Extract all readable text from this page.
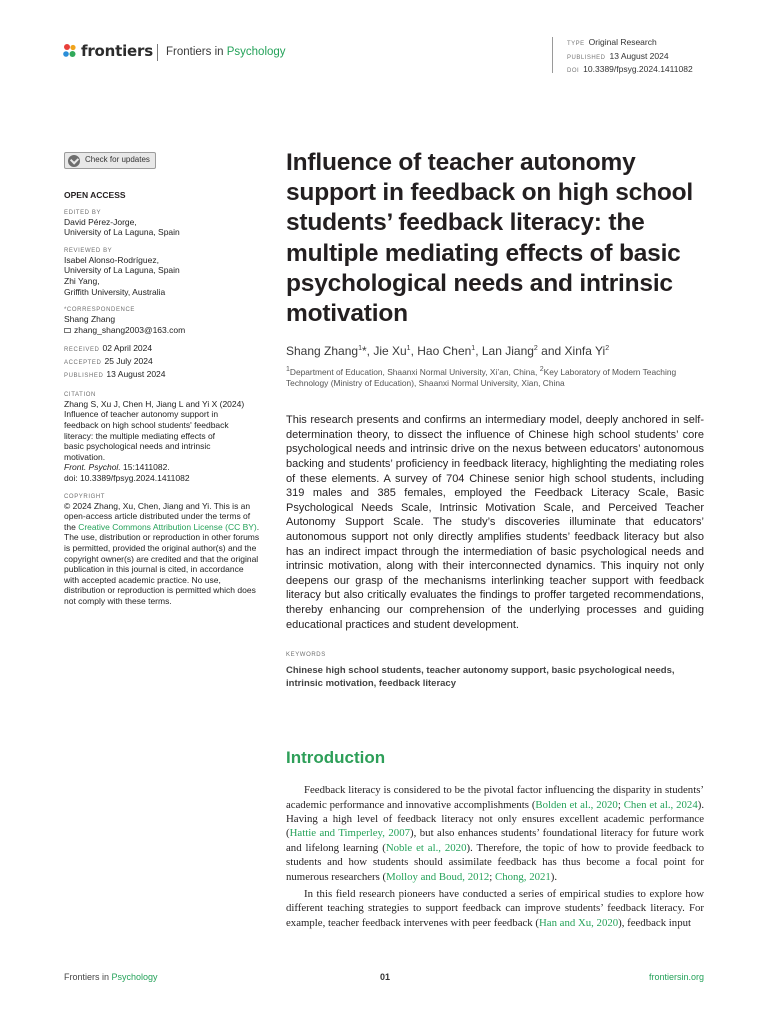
frontiers Frontiers in Psychology
TYPE Original Research
PUBLISHED 13 August 2024
DOI 10.3389/fpsyg.2024.1411082
Check for updates
OPEN ACCESS
EDITED BY
David Pérez-Jorge,
University of La Laguna, Spain
REVIEWED BY
Isabel Alonso-Rodríguez,
University of La Laguna, Spain
Zhi Yang,
Griffith University, Australia
*CORRESPONDENCE
Shang Zhang
zhang_shang2003@163.com
RECEIVED 02 April 2024
ACCEPTED 25 July 2024
PUBLISHED 13 August 2024
CITATION
Zhang S, Xu J, Chen H, Jiang L and Yi X (2024)
Influence of teacher autonomy support in
feedback on high school students' feedback
literacy: the multiple mediating effects of
basic psychological needs and intrinsic
motivation.
Front. Psychol. 15:1411082.
doi: 10.3389/fpsyg.2024.1411082
COPYRIGHT
© 2024 Zhang, Xu, Chen, Jiang and Yi. This is an open-access article distributed under the terms of the Creative Commons Attribution License (CC BY). The use, distribution or reproduction in other forums is permitted, provided the original author(s) and the copyright owner(s) are credited and that the original publication in this journal is cited, in accordance with accepted academic practice. No use, distribution or reproduction is permitted which does not comply with these terms.
Influence of teacher autonomy support in feedback on high school students’ feedback literacy: the multiple mediating effects of basic psychological needs and intrinsic motivation
Shang Zhang$^1$*, Jie Xu$^1$, Hao Chen$^1$, Lan Jiang$^2$ and Xinfa Yi$^2$
$^1$Department of Education, Shaanxi Normal University, Xi’an, China, $^2$Key Laboratory of Modern Teaching Technology (Ministry of Education), Shaanxi Normal University, Xian, China

This research presents and confirms an intermediary model, deeply anchored in self-determination theory, to dissect the influence of Chinese high school students’ core psychological needs and intrinsic drive on the nexus between educators’ autonomous backing and students’ proficiency in feedback literacy, highlighting the mediating roles of these elements. A survey of 704 Chinese senior high school students, including 319 males and 385 females, employed the Feedback Literacy Scale, Basic Psychological Needs Scale, Intrinsic Motivation Scale, and Perceived Teacher Autonomy Support Scale. The study’s discoveries illuminate that educators’ autonomous support not only directly amplifies students’ feedback literacy but also has an indirect impact through the intermediation of basic psychological needs and intrinsic motivation, along with their interconnected dynamics. This inquiry not only deepens our grasp of the mechanisms interlinking teacher support with feedback literacy but also critically evaluates the findings to proffer targeted recommendations, thereby enhancing our comprehension of the underlying processes and guiding educational practices and student development.

KEYWORDS
Chinese high school students, teacher autonomy support, basic psychological needs, intrinsic motivation, feedback literacy
Introduction

Feedback literacy is considered to be the pivotal factor influencing the disparity in students’ academic performance and innovative accomplishments (Bolden et al., 2020; Chen et al., 2024). Having a high level of feedback literacy not only ensures excellent academic performance (Hattie and Timperley, 2007), but also enhances students’ foundational literacy for future work and lifelong learning (Noble et al., 2020). Therefore, the topic of how to provide feedback to students and how students should assimilate feedback has thus become a focal point for numerous researchers (Molloy and Boud, 2012; Chong, 2021).

In this field research pioneers have conducted a series of empirical studies to explore how different teaching strategies to support feedback can improve students’ feedback literacy. For example, teacher feedback intervenes with peer feedback (Han and Xu, 2020), feedback input

Frontiers in Psychology	01	frontiersin.org
